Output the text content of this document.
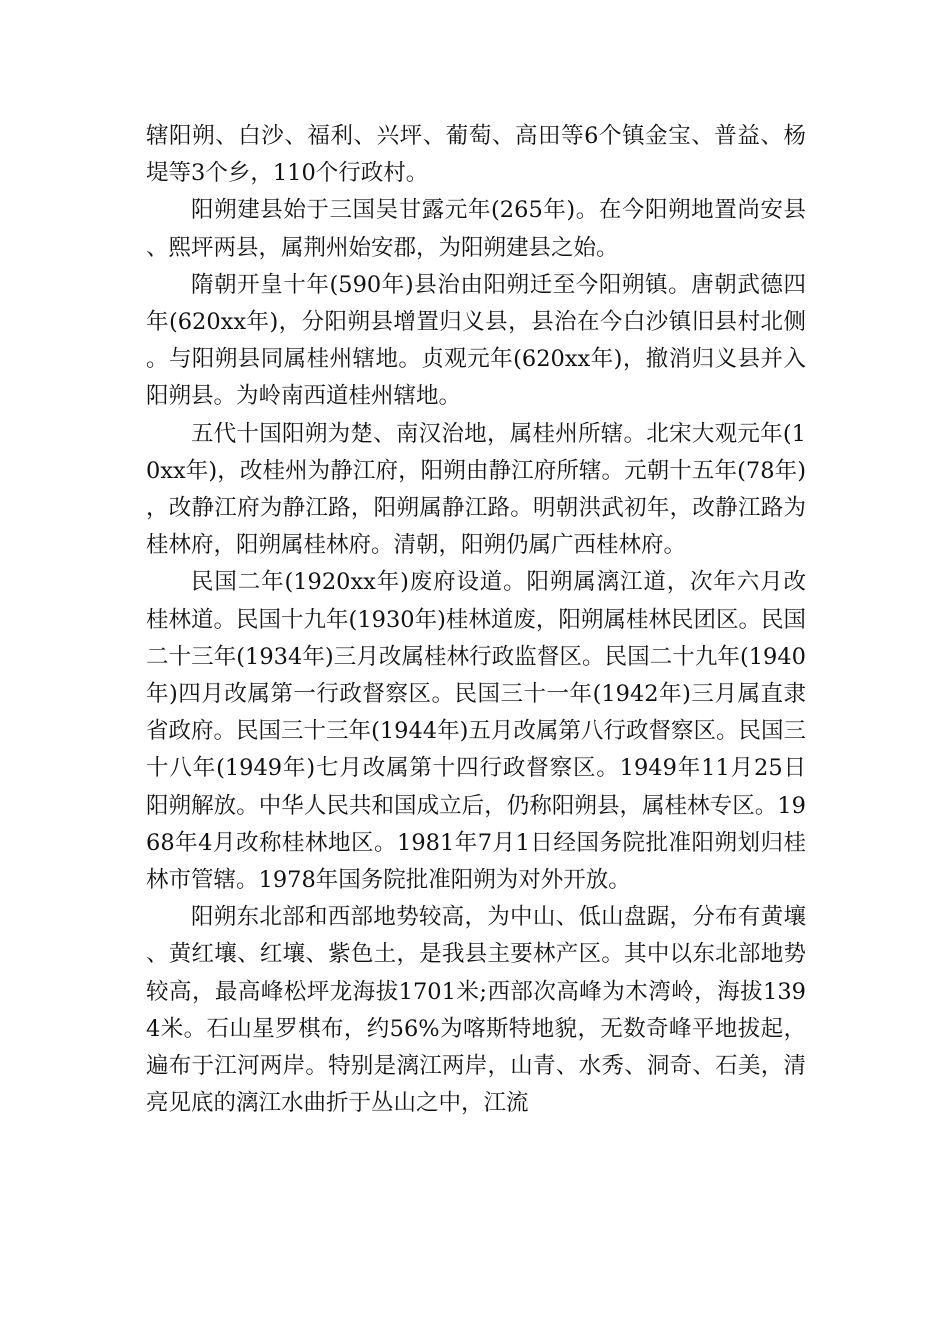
辖阳朔、白沙、福利、兴坪、葡萄、高田等6个镇金宝、普益、杨堤等3个乡，110个行政村。

阳朔建县始于三国吴甘露元年(265年)。在今阳朔地置尚安县、熙坪两县，属荆州始安郡，为阳朔建县之始。

隋朝开皇十年(590年)县治由阳朔迁至今阳朔镇。唐朝武德四年(620xx年)，分阳朔县增置归义县，县治在今白沙镇旧县村北侧。与阳朔县同属桂州辖地。贞观元年(620xx年)，撤消归义县并入阳朔县。为岭南西道桂州辖地。

五代十国阳朔为楚、南汉治地，属桂州所辖。北宋大观元年(10xx年)，改桂州为静江府，阳朔由静江府所辖。元朝十五年(78年)，改静江府为静江路，阳朔属静江路。明朝洪武初年，改静江路为桂林府，阳朔属桂林府。清朝，阳朔仍属广西桂林府。

民国二年(1920xx年)废府设道。阳朔属漓江道，次年六月改桂林道。民国十九年(1930年)桂林道废，阳朔属桂林民团区。民国二十三年(1934年)三月改属桂林行政监督区。民国二十九年(1940年)四月改属第一行政督察区。民国三十一年(1942年)三月属直隶省政府。民国三十三年(1944年)五月改属第八行政督察区。民国三十八年(1949年)七月改属第十四行政督察区。1949年11月25日阳朔解放。中华人民共和国成立后，仍称阳朔县，属桂林专区。1968年4月改称桂林地区。1981年7月1日经国务院批准阳朔划归桂林市管辖。1978年国务院批准阳朔为对外开放。

阳朔东北部和西部地势较高，为中山、低山盘踞，分布有黄壤、黄红壤、红壤、紫色土，是我县主要林产区。其中以东北部地势较高，最高峰松坪龙海拔1701米;西部次高峰为木湾岭，海拔1394米。石山星罗棋布，约56%为喀斯特地貌，无数奇峰平地拔起，遍布于江河两岸。特别是漓江两岸，山青、水秀、洞奇、石美，清亮见底的漓江水曲折于丛山之中，江流
